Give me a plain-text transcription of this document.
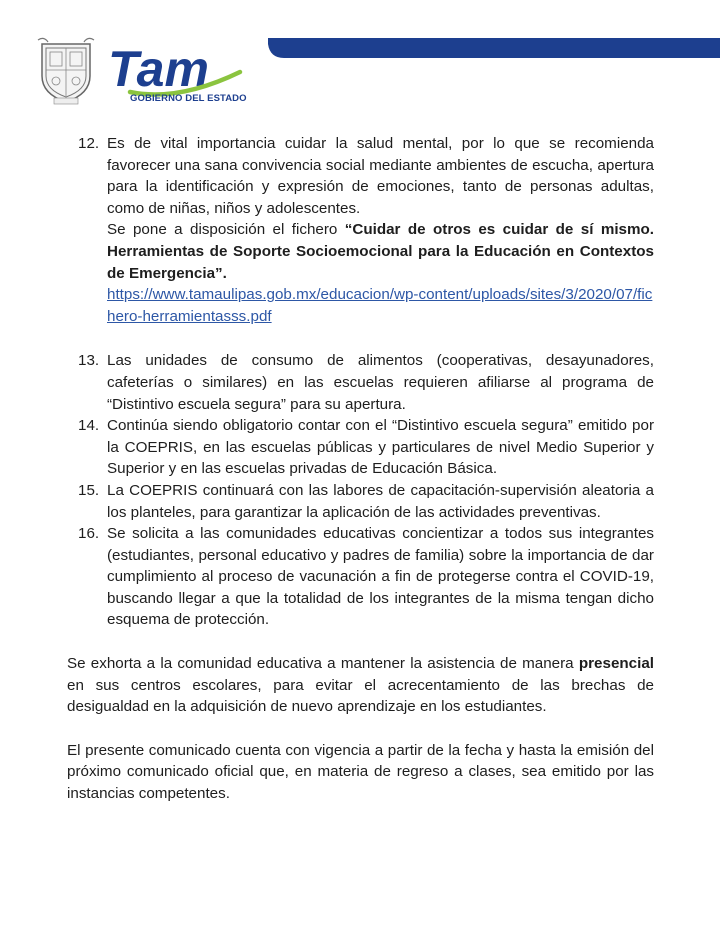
Tam
GOBIERNO DEL ESTADO
12. Es de vital importancia cuidar la salud mental, por lo que se recomienda favorecer una sana convivencia social mediante ambientes de escucha, apertura para la identificación y expresión de emociones, tanto de personas adultas, como de niñas, niños y adolescentes.

Se pone a disposición el fichero “Cuidar de otros es cuidar de sí mismo. Herramientas de Soporte Socioemocional para la Educación en Contextos de Emergencia”.

https://www.tamaulipas.gob.mx/educacion/wp-content/uploads/sites/3/2020/07/fichero-herramientasss.pdf

13. Las unidades de consumo de alimentos (cooperativas, desayunadores, cafeterías o similares) en las escuelas requieren afiliarse al programa de “Distintivo escuela segura” para su apertura.

14. Continúa siendo obligatorio contar con el “Distintivo escuela segura” emitido por la COEPRIS, en las escuelas públicas y particulares de nivel Medio Superior y Superior y en las escuelas privadas de Educación Básica.

15. La COEPRIS continuará con las labores de capacitación-supervisión aleatoria a los planteles, para garantizar la aplicación de las actividades preventivas.

16. Se solicita a las comunidades educativas concientizar a todos sus integrantes (estudiantes, personal educativo y padres de familia) sobre la importancia de dar cumplimiento al proceso de vacunación a fin de protegerse contra el COVID-19, buscando llegar a que la totalidad de los integrantes de la misma tengan dicho esquema de protección.

Se exhorta a la comunidad educativa a mantener la asistencia de manera presencial en sus centros escolares, para evitar el acrecentamiento de las brechas de desigualdad en la adquisición de nuevo aprendizaje en los estudiantes.

El presente comunicado cuenta con vigencia a partir de la fecha y hasta la emisión del próximo comunicado oficial que, en materia de regreso a clases, sea emitido por las instancias competentes.
